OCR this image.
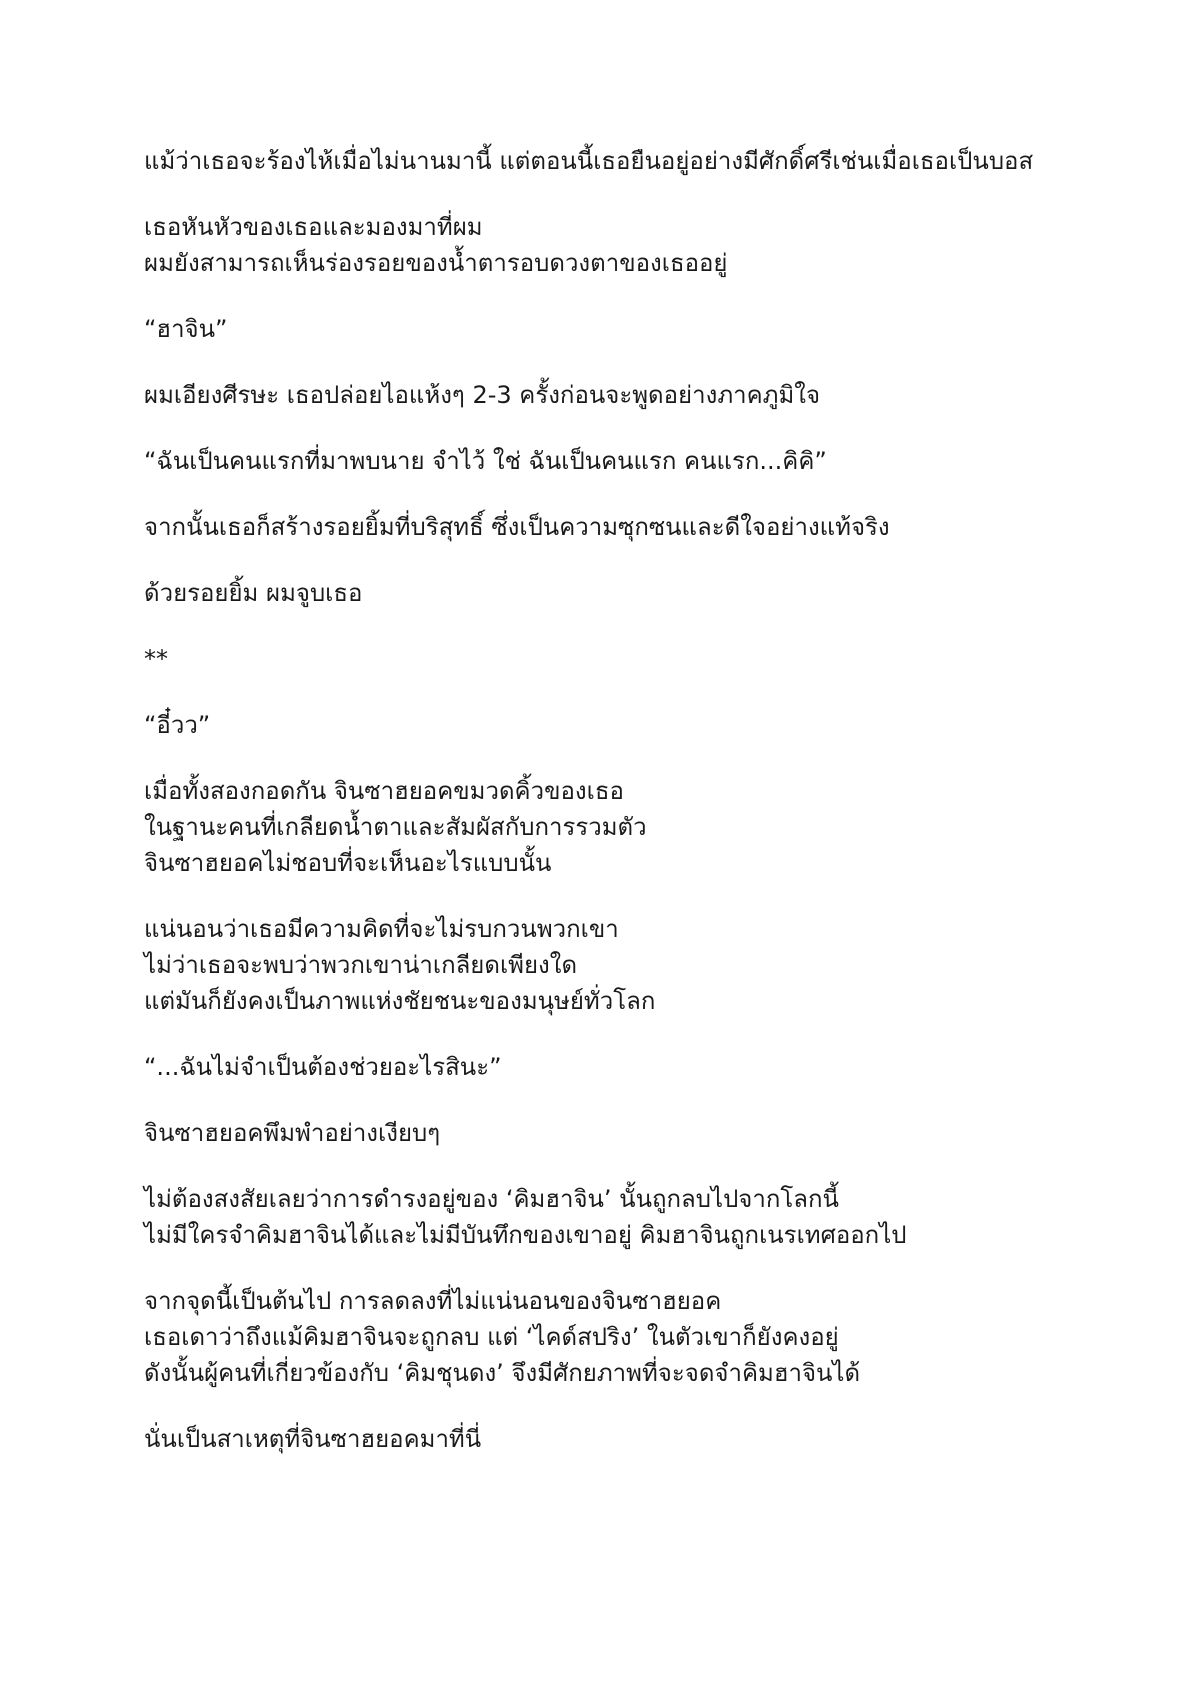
แม้ว่าเธอจะร้องไห้เมื่อไม่นานมานี้ แต่ตอนนี้เธอยืนอยู่อย่างมีศักดิ์ศรีเช่นเมื่อเธอเป็นบอส
เธอหันหัวของเธอและมองมาที่ผม
ผมยังสามารถเห็นร่องรอยของน้ำตารอบดวงตาของเธออยู่
“ฮาจิน”
ผมเอียงศีรษะ เธอปล่อยไอแห้งๆ 2-3 ครั้งก่อนจะพูดอย่างภาคภูมิใจ
“ฉันเป็นคนแรกที่มาพบนาย จำไว้ ใช่ ฉันเป็นคนแรก คนแรก...คิคิ”
จากนั้นเธอก็สร้างรอยยิ้มที่บริสุทธิ์ ซึ่งเป็นความซุกซนและดีใจอย่างแท้จริง
ด้วยรอยยิ้ม ผมจูบเธอ
**
“อี๋วว”
เมื่อทั้งสองกอดกัน จินซาฮยอคขมวดคิ้วของเธอ
ในฐานะคนที่เกลียดน้ำตาและสัมผัสกับการรวมตัว
จินซาฮยอคไม่ชอบที่จะเห็นอะไรแบบนั้น
แน่นอนว่าเธอมีความคิดที่จะไม่รบกวนพวกเขา
ไม่ว่าเธอจะพบว่าพวกเขาน่าเกลียดเพียงใด
แต่มันก็ยังคงเป็นภาพแห่งชัยชนะของมนุษย์ทั่วโลก
“...ฉันไม่จำเป็นต้องช่วยอะไรสินะ”
จินซาฮยอคพึมพำอย่างเงียบๆ
ไม่ต้องสงสัยเลยว่าการดำรงอยู่ของ ‘คิมฮาจิน’ นั้นถูกลบไปจากโลกนี้
ไม่มีใครจำคิมฮาจินได้และไม่มีบันทึกของเขาอยู่ คิมฮาจินถูกเนรเทศออกไป
จากจุดนี้เป็นต้นไป การลดลงที่ไม่แน่นอนของจินซาฮยอค
เธอเดาว่าถึงแม้คิมฮาจินจะถูกลบ แต่ ‘ไคด์สปริง’ ในตัวเขาก็ยังคงอยู่
ดังนั้นผู้คนที่เกี่ยวข้องกับ ‘คิมชุนดง’ จึงมีศักยภาพที่จะจดจำคิมฮาจินได้
นั่นเป็นสาเหตุที่จินซาฮยอคมาที่นี่
